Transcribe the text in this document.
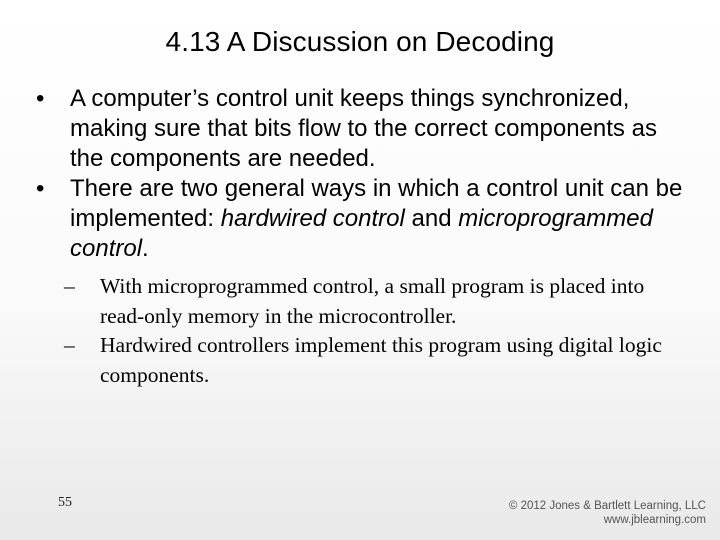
4.13 A Discussion on Decoding

• A computer’s control unit keeps things synchronized, making sure that bits flow to the correct components as the components are needed.

• There are two general ways in which a control unit can be implemented: hardwired control and microprogrammed control.

– With microprogrammed control, a small program is placed into read-only memory in the microcontroller.

– Hardwired controllers implement this program using digital logic components.

55	© 2012 Jones & Bartlett Learning, LLC
www.jblearning.com
